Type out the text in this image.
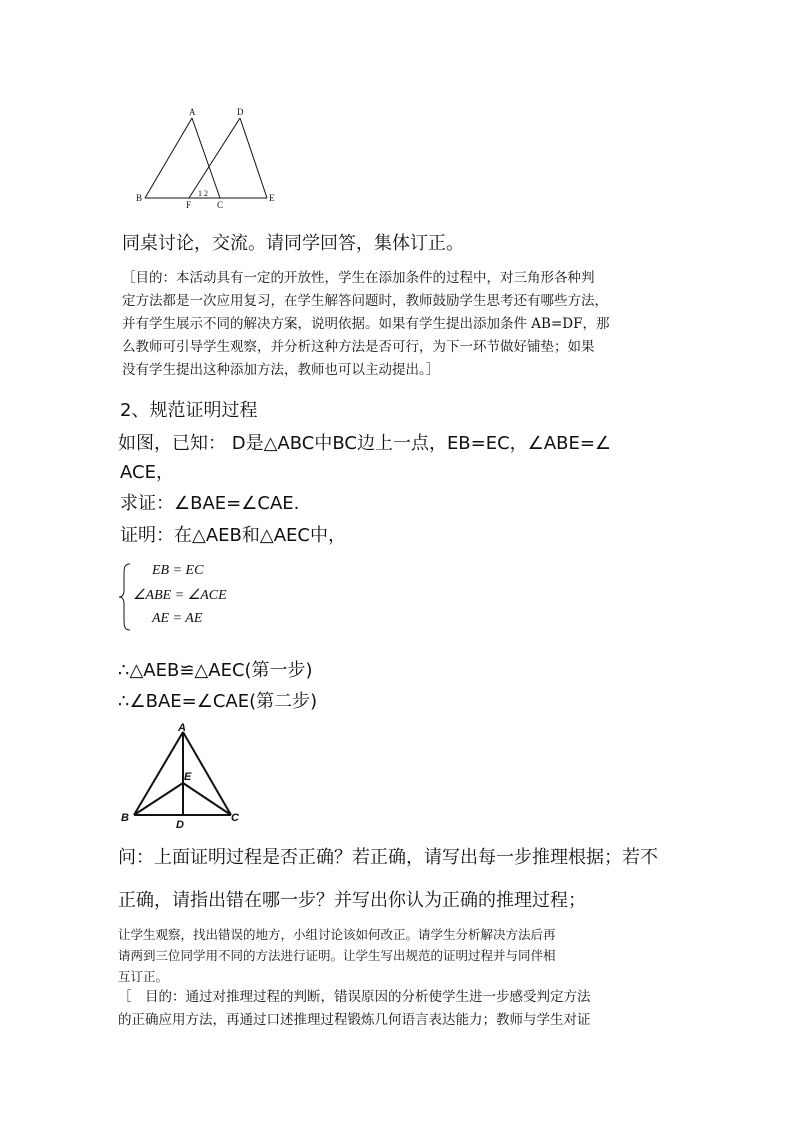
A	D
B
F	C
E
1 2
同桌讨论，交流。请同学回答，集体订正。
［目的：本活动具有一定的开放性，学生在添加条件的过程中，对三角形各种判
定方法都是一次应用复习，在学生解答问题时，教师鼓励学生思考还有哪些方法，
并有学生展示不同的解决方案，说明依据。如果有学生提出添加条件 AB=DF，那
么教师可引导学生观察，并分析这种方法是否可行，为下一环节做好铺垫；如果
没有学生提出这种添加方法，教师也可以主动提出。］
2、规范证明过程
如图，已知： D是△ABC中BC边上一点，EB=EC，∠ABE=∠
ACE，
求证：∠BAE=∠CAE.
证明：在△AEB和△AEC中，
EB = EC
∠ABE = ∠ACE
AE = AE
∴△AEB≌△AEC(第一步)
∴∠BAE=∠CAE(第二步)
A
E
B
D
C
问：上面证明过程是否正确？若正确，请写出每一步推理根据；若不
正确，请指出错在哪一步？并写出你认为正确的推理过程；
让学生观察，找出错误的地方，小组讨论该如何改正。请学生分析解决方法后再
请两到三位同学用不同的方法进行证明。让学生写出规范的证明过程并与同伴相
互订正。
［　目的：通过对推理过程的判断，错误原因的分析使学生进一步感受判定方法
的正确应用方法，再通过口述推理过程锻炼几何语言表达能力；教师与学生对证
